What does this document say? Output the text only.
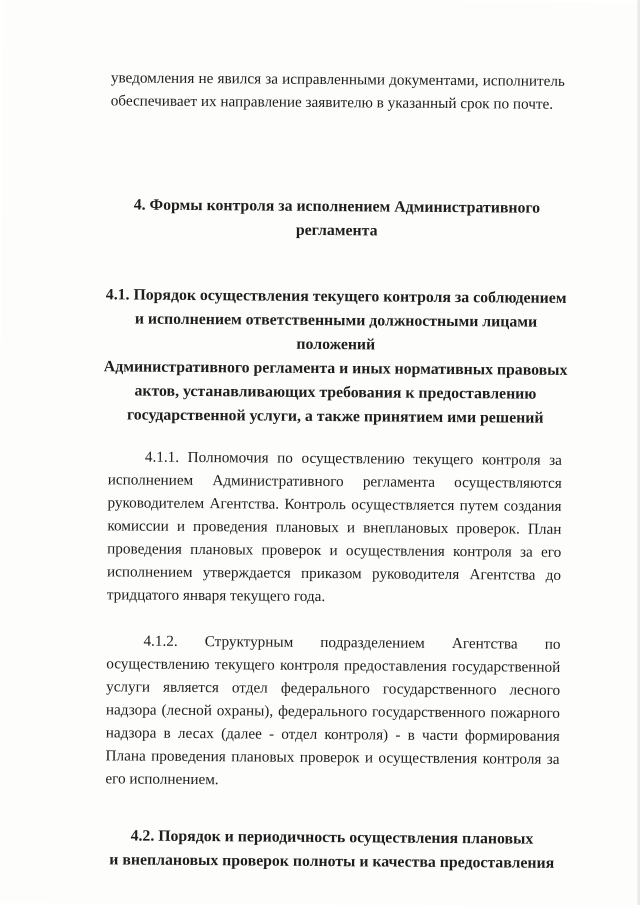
уведомления не явился за исправленными документами, исполнитель обеспечивает их направление заявителю в указанный срок по почте.

4. Формы контроля за исполнением Административного
регламента
4.1. Порядок осуществления текущего контроля за соблюдением
и исполнением ответственными должностными лицами положений
Административного регламента и иных нормативных правовых
актов, устанавливающих требования к предоставлению
государственной услуги, а также принятием ими решений

4.1.1. Полномочия по осуществлению текущего контроля за исполнением Административного регламента осуществляются руководителем Агентства. Контроль осуществляется путем создания комиссии и проведения плановых и внеплановых проверок. План проведения плановых проверок и осуществления контроля за его исполнением утверждается приказом руководителя Агентства до тридцатого января текущего года.

4.1.2. Структурным подразделением Агентства по осуществлению текущего контроля предоставления государственной услуги является отдел федерального государственного лесного надзора (лесной охраны), федерального государственного пожарного надзора в лесах (далее - отдел контроля) - в части формирования Плана проведения плановых проверок и осуществления контроля за его исполнением.

4.2. Порядок и периодичность осуществления плановых
и внеплановых проверок полноты и качества предоставления
